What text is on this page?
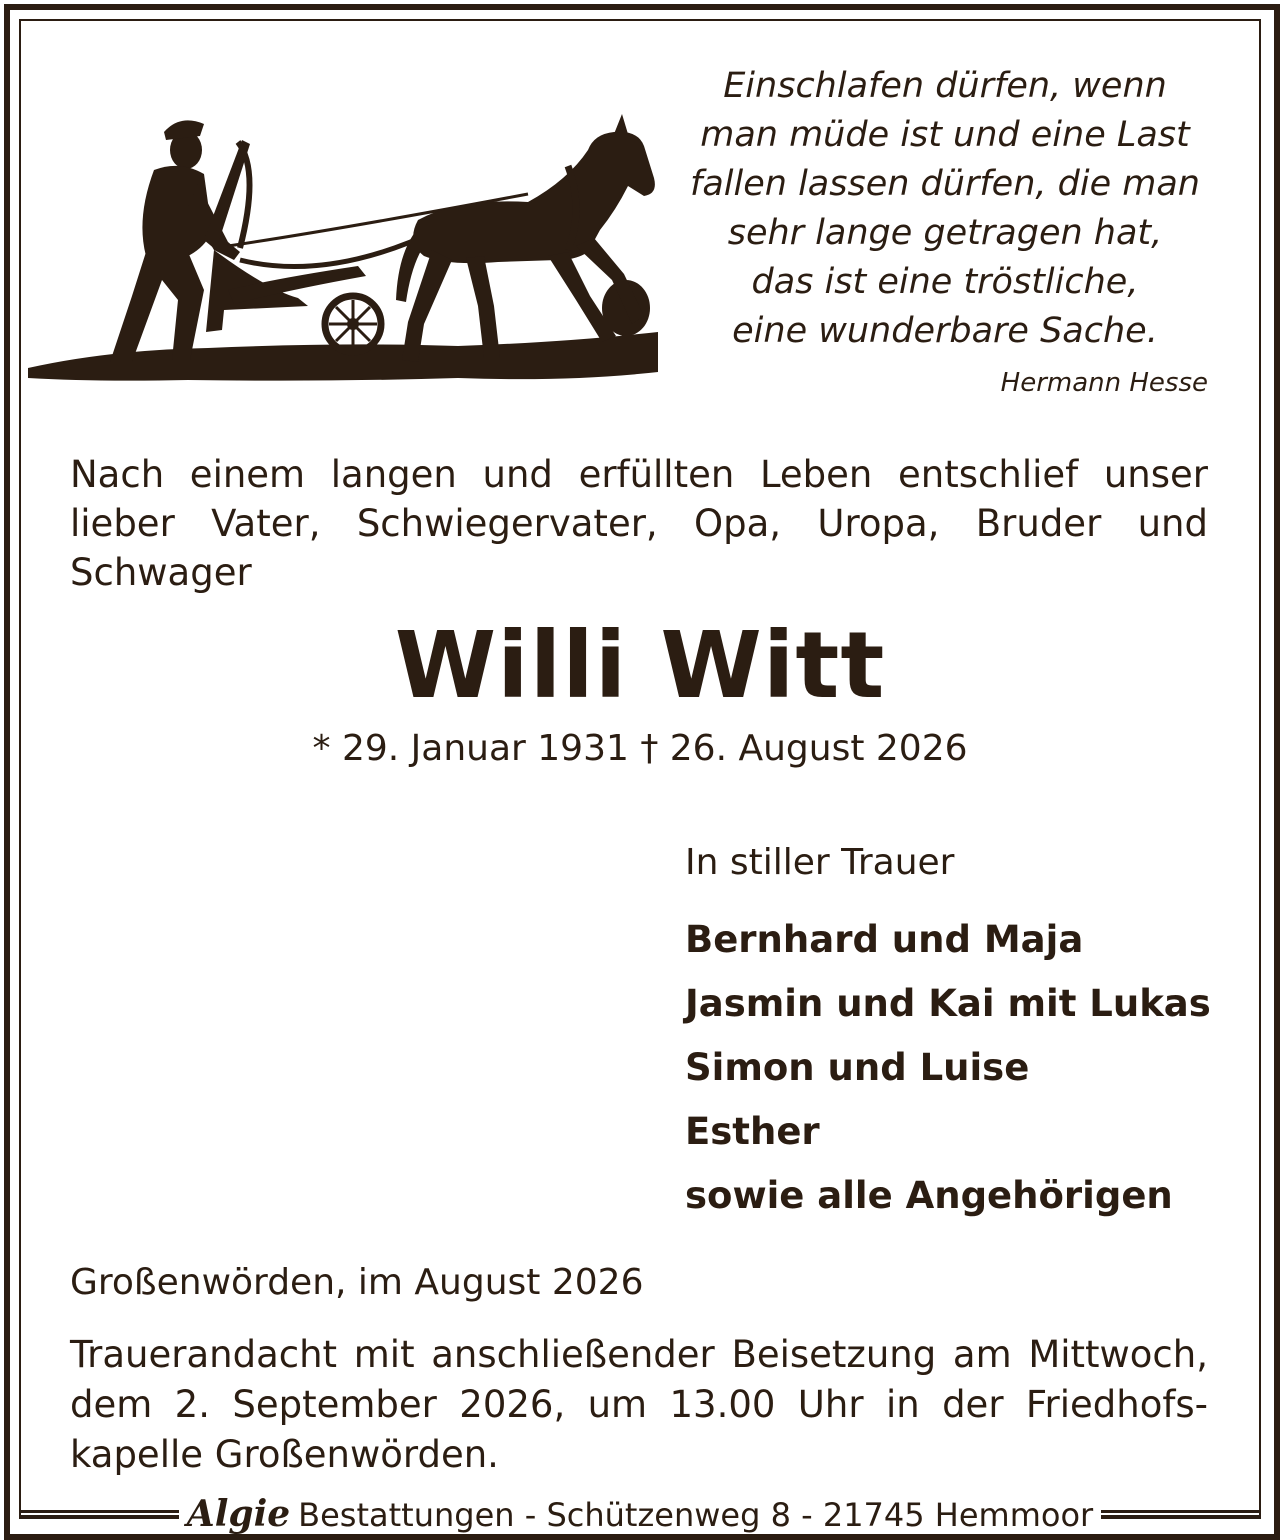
Einschlafen dürfen, wenn
man müde ist und eine Last
fallen lassen dürfen, die man
sehr lange getragen hat,
das ist eine tröstliche,
eine wunderbare Sache.
Hermann Hesse
Nach einem langen und erfüllten Leben entschlief unser lieber Vater, Schwiegervater, Opa, Uropa, Bruder und Schwager
Willi Witt
* 29. Januar 1931 † 26. August 2026
In stiller Trauer
Bernhard und Maja
Jasmin und Kai mit Lukas
Simon und Luise
Esther
sowie alle Angehörigen
Großenwörden, im August 2026
Trauerandacht mit anschließender Beisetzung am Mittwoch, dem 2. September 2026, um 13.00 Uhr in der Friedhofs-kapelle Großenwörden.
Algie Bestattungen - Schützenweg 8 - 21745 Hemmoor
